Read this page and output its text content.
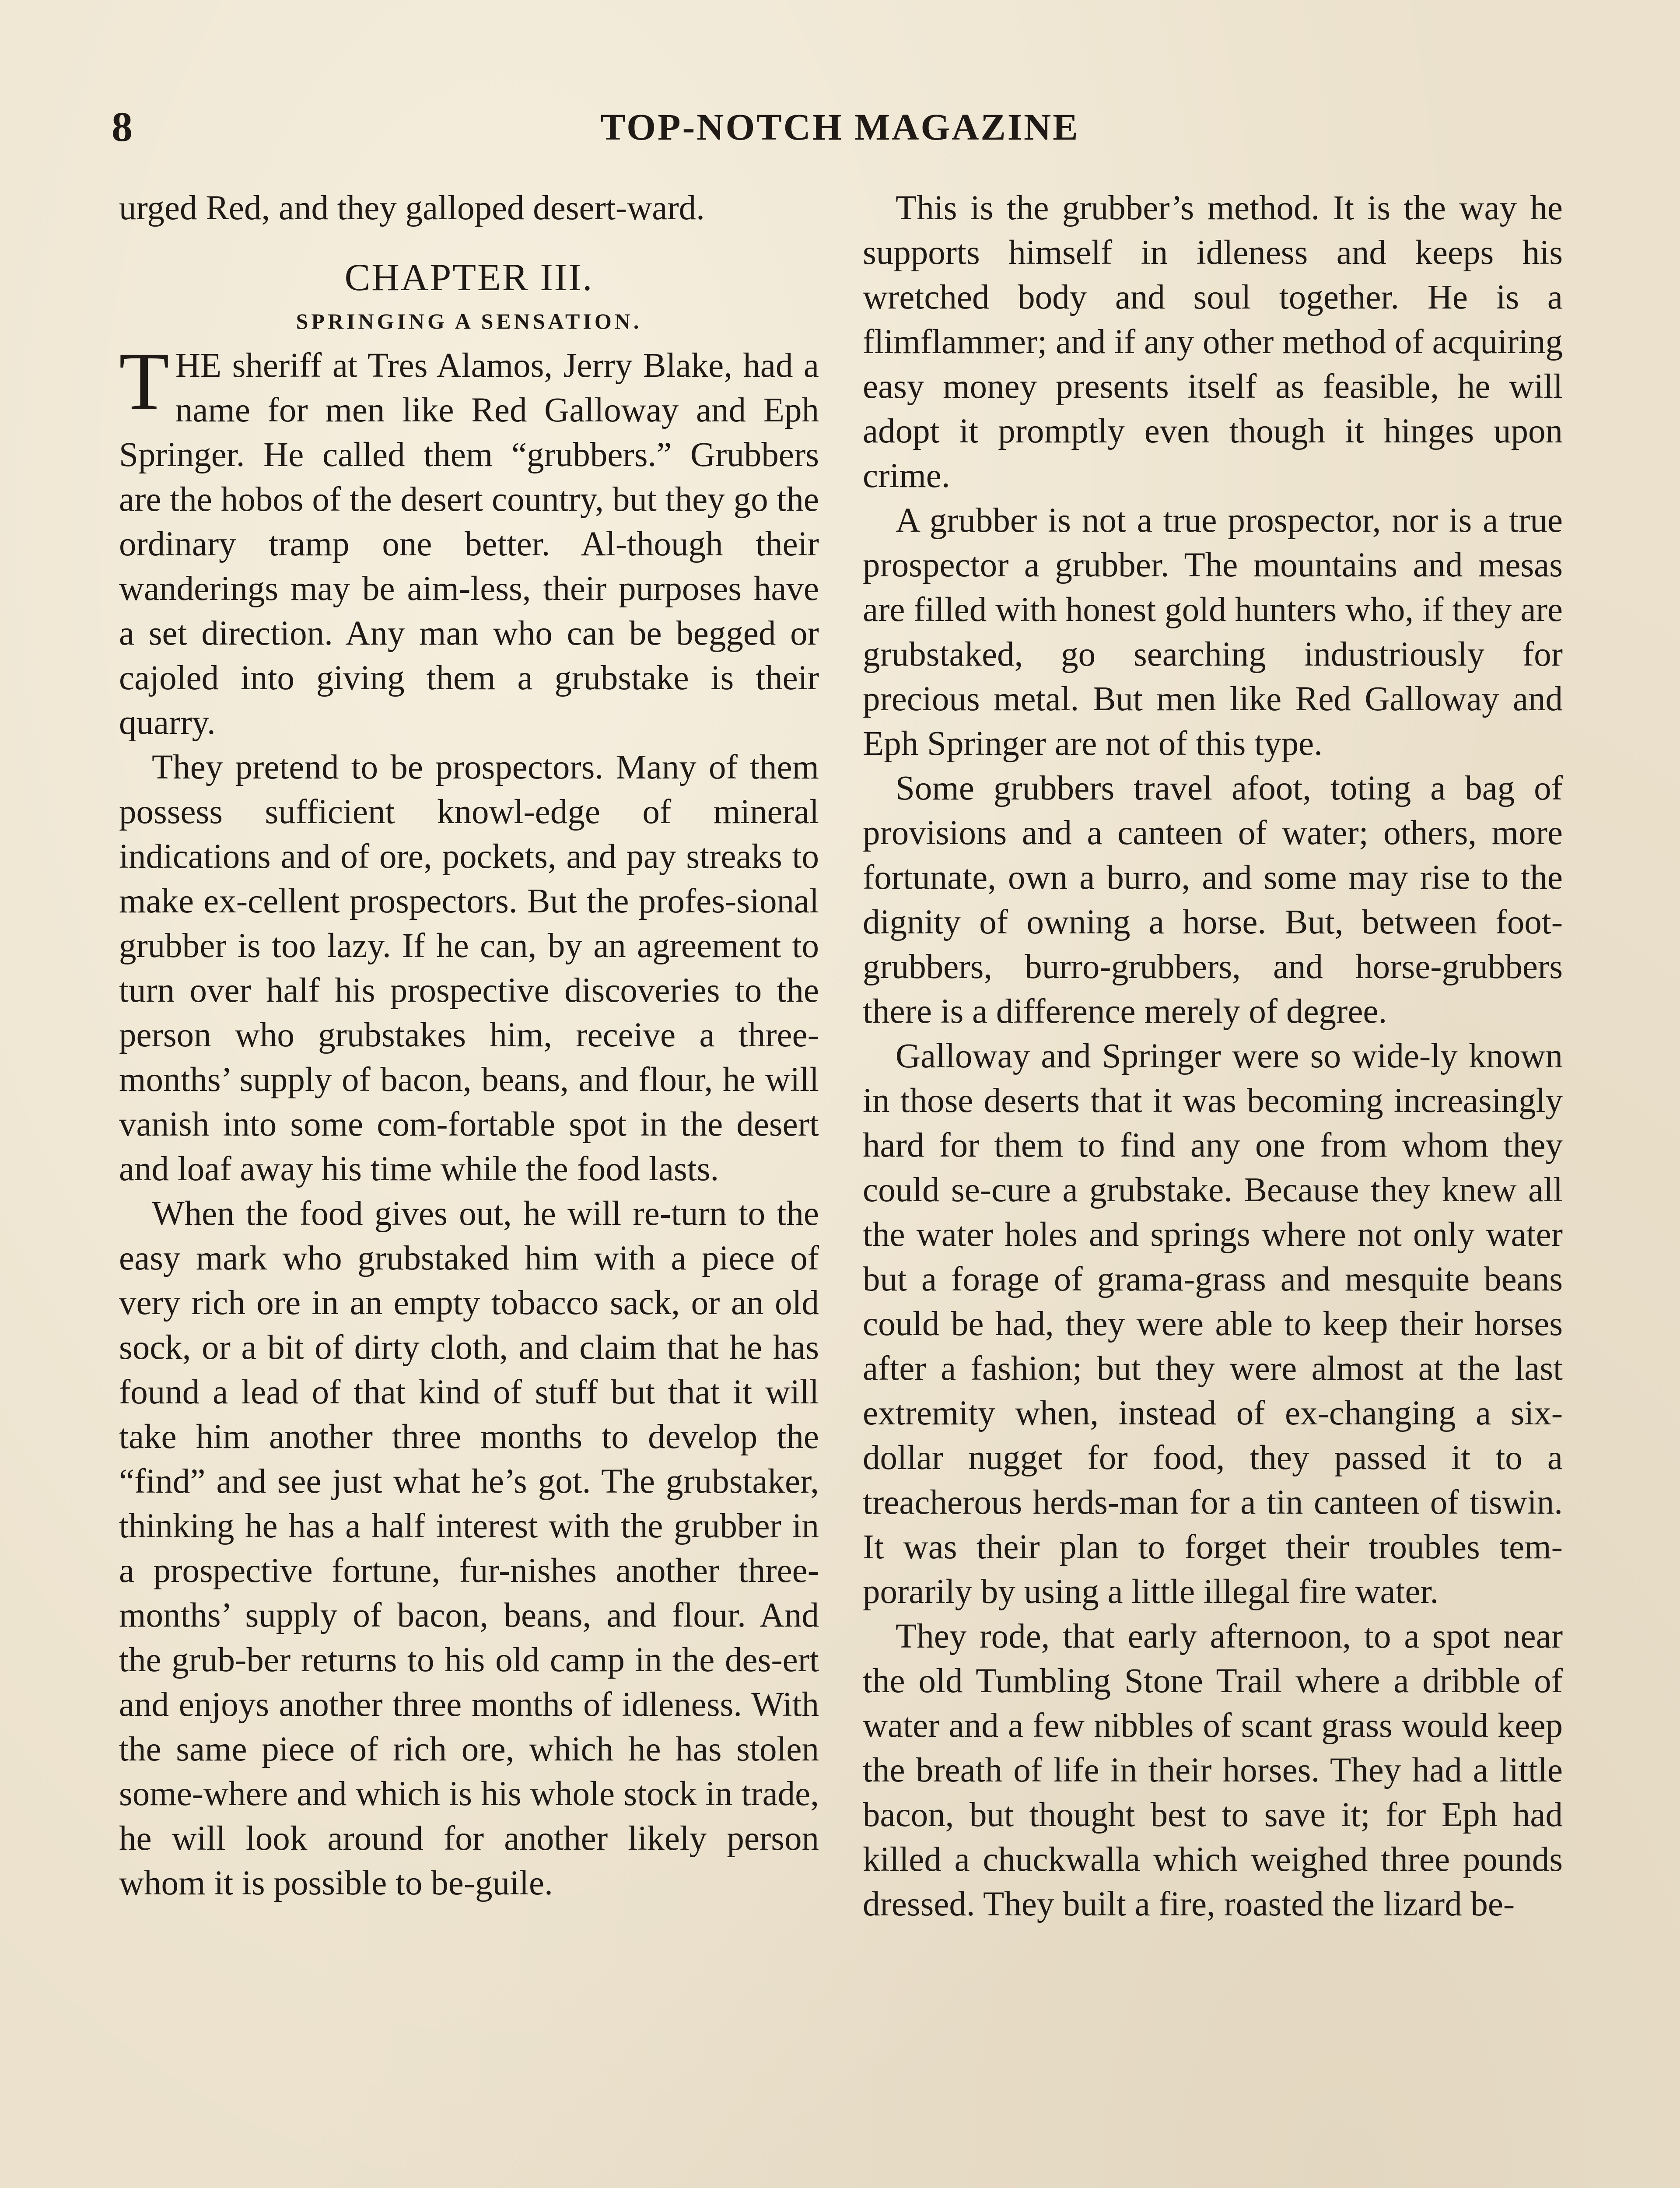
8	TOP-NOTCH MAGAZINE

urged Red, and they galloped desert-ward.

CHAPTER III.
SPRINGING A SENSATION.

THE sheriff at Tres Alamos, Jerry Blake, had a name for men like Red Galloway and Eph Springer. He called them “grubbers.” Grubbers are the hobos of the desert country, but they go the ordinary tramp one better. Al-though their wanderings may be aim-less, their purposes have a set direction. Any man who can be begged or cajoled into giving them a grubstake is their quarry.

They pretend to be prospectors. Many of them possess sufficient knowl-edge of mineral indications and of ore, pockets, and pay streaks to make ex-cellent prospectors. But the profes-sional grubber is too lazy. If he can, by an agreement to turn over half his prospective discoveries to the person who grubstakes him, receive a three-months’ supply of bacon, beans, and flour, he will vanish into some com-fortable spot in the desert and loaf away his time while the food lasts.

When the food gives out, he will re-turn to the easy mark who grubstaked him with a piece of very rich ore in an empty tobacco sack, or an old sock, or a bit of dirty cloth, and claim that he has found a lead of that kind of stuff but that it will take him another three months to develop the “find” and see just what he’s got. The grubstaker, thinking he has a half interest with the grubber in a prospective fortune, fur-nishes another three-months’ supply of bacon, beans, and flour. And the grub-ber returns to his old camp in the des-ert and enjoys another three months of idleness. With the same piece of rich ore, which he has stolen some-where and which is his whole stock in trade, he will look around for another likely person whom it is possible to be-guile.

This is the grubber’s method. It is the way he supports himself in idleness and keeps his wretched body and soul together. He is a flimflammer; and if any other method of acquiring easy money presents itself as feasible, he will adopt it promptly even though it hinges upon crime.

A grubber is not a true prospector, nor is a true prospector a grubber. The mountains and mesas are filled with honest gold hunters who, if they are grubstaked, go searching industriously for precious metal. But men like Red Galloway and Eph Springer are not of this type.

Some grubbers travel afoot, toting a bag of provisions and a canteen of water; others, more fortunate, own a burro, and some may rise to the dignity of owning a horse. But, between foot-grubbers, burro-grubbers, and horse-grubbers there is a difference merely of degree.

Galloway and Springer were so wide-ly known in those deserts that it was becoming increasingly hard for them to find any one from whom they could se-cure a grubstake. Because they knew all the water holes and springs where not only water but a forage of grama-grass and mesquite beans could be had, they were able to keep their horses after a fashion; but they were almost at the last extremity when, instead of ex-changing a six-dollar nugget for food, they passed it to a treacherous herds-man for a tin canteen of tiswin. It was their plan to forget their troubles tem-porarily by using a little illegal fire water.

They rode, that early afternoon, to a spot near the old Tumbling Stone Trail where a dribble of water and a few nibbles of scant grass would keep the breath of life in their horses. They had a little bacon, but thought best to save it; for Eph had killed a chuckwalla which weighed three pounds dressed. They built a fire, roasted the lizard be-
